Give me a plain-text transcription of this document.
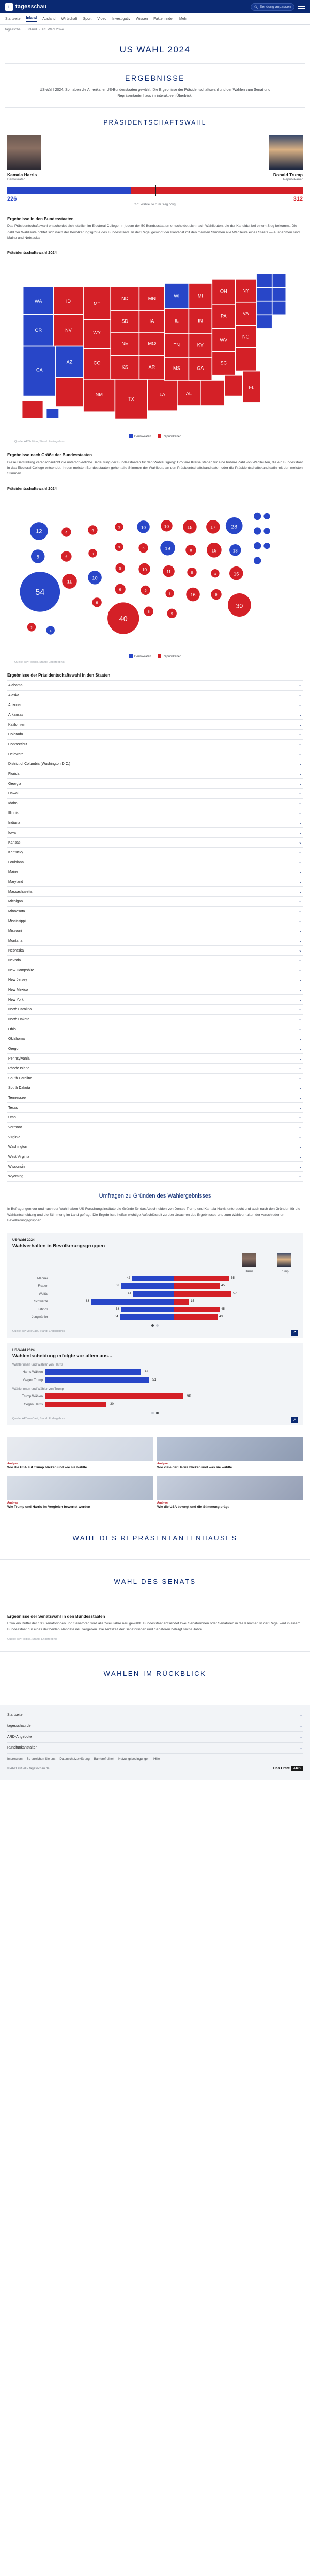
t	tagesschau	Sendung anpassen
Startseite Inland Ausland Wirtschaft Sport Video Investigativ Wissen Faktenfinder Mehr
tagesschau › Inland › US Wahl 2024
US WAHL 2024
ERGEBNISSE

US-Wahl 2024: So haben die Amerikaner US-Bundesstaaten gewählt. Die Ergebnisse der Präsidentschaftswahl und der Wahlen zum Senat und Repräsentantenhaus im interaktiven Überblick.

PRÄSIDENTSCHAFTSWAHL
Kamala Harris
Demokraten
Donald Trump
Republikaner
226	312
270 Wahlleute zum Sieg nötig
Ergebnisse in den Bundesstaaten
Das Präsidentschaftswahl entscheidet sich letztlich im Electoral College: In jedem der 50 Bundesstaaten entscheidet sich nach Wahlleuten, die der Kandidat bei einem Sieg bekommt. Die Zahl der Wahlleute richtet sich nach der Bevölkerungsgröße des Bundesstaats. In der Regel gewinnt der Kandidat mit den meisten Stimmen alle Wahlleute eines Staats — Ausnahmen sind Maine und Nebraska.
Präsidentschaftswahl 2024
WA
OR
CA
ID
NV
AZ
MT
WY
CO
NM
ND
SD
NE
KS
TX
MN
IA
MO
AR
LA
WI
IL
TN
MS
AL
MI
IN
KY
GA
OH
PA
WV
SC
NY
VA
NC
FL
Demokraten	Republikaner
Quelle: AP/Politico, Stand: Endergebnis
Ergebnisse nach Größe der Bundesstaaten
Diese Darstellung veranschaulicht die unterschiedliche Bedeutung der Bundesstaaten für den Wahlausgang: Größere Kreise stehen für eine höhere Zahl von Wahlleuten, die ein Bundesstaat in das Electoral College entsendet. In den meisten Bundesstaaten gehen alle Stimmen der Wahlleute an den Präsidentschaftskandidaten oder die Präsidentschaftskandidatin mit den meisten Stimmen.
Präsidentschaftswahl 2024
12
8
54
4
6
11
4
3
10
5
3
3
5
6
40
10
6
10
6
8
10
19
11
6
9
15
8
8
16
17
19
4
9
28
13
16
30
3
4
Demokraten	Republikaner
Quelle: AP/Politico, Stand: Endergebnis
Ergebnisse der Präsidentschaftswahl in den Staaten
Alabama	⌄
Alaska	⌄
Arizona	⌄
Arkansas	⌄
Kalifornien	⌄
Colorado	⌄
Connecticut	⌄
Delaware	⌄
District of Columbia (Washington D.C.)	⌄
Florida	⌄
Georgia	⌄
Hawaii	⌄
Idaho	⌄
Illinois	⌄
Indiana	⌄
Iowa	⌄
Kansas	⌄
Kentucky	⌄
Louisiana	⌄
Maine	⌄
Maryland	⌄
Massachusetts	⌄
Michigan	⌄
Minnesota	⌄
Mississippi	⌄
Missouri	⌄
Montana	⌄
Nebraska	⌄
Nevada	⌄
New Hampshire	⌄
New Jersey	⌄
New Mexico	⌄
New York	⌄
North Carolina	⌄
North Dakota	⌄
Ohio	⌄
Oklahoma	⌄
Oregon	⌄
Pennsylvania	⌄
Rhode Island	⌄
South Carolina	⌄
South Dakota	⌄
Tennessee	⌄
Texas	⌄
Utah	⌄
Vermont	⌄
Virginia	⌄
Washington	⌄
West Virginia	⌄
Wisconsin	⌄
Wyoming	⌄
Umfragen zu Gründen des Wahlergebnisses

In Befragungen vor und nach der Wahl haben US-Forschungsinstitute die Gründe für das Abschneiden von Donald Trump und Kamala Harris untersucht und auch nach den Gründen für die Wahlentscheidung und die Stimmung im Land gefragt. Die Ergebnisse helfen wichtige Aufschlüsselt zu den Ursachen des Ergebnisses und zum Wahlverhalten der verschiedenen Bevölkerungsgruppen.

US-Wahl 2024
Wahlverhalten in Bevölkerungsgruppen
Harris	Trump
Männer	42	55
Frauen	53	45
Weiße	41	57
Schwarze	83	15
Latinos	53	45
Jungwähler	54	43
Quelle: AP VoteCast, Stand: Endergebnis	↗
US-Wahl 2024
Wahlentscheidung erfolgte vor allem aus...
Wählerinnen und Wähler von Harris
Harris Wählen	47
Gegen Trump	51
Wählerinnen und Wähler von Trump
Trump Wählen	68
Gegen Harris	30
Quelle: AP VoteCast, Stand: Endergebnis	↗
Analyse
Wie die USA auf Trump blicken und wie sie wählte
Analyse
Wie viele der Harris blicken und was sie wählte
Analyse
Wie Trump und Harris im Vergleich bewertet werden
Analyse
Wie die USA bewegt und die Stimmung prägt
WAHL DES REPRÄSENTANTENHAUSES
WAHL DES SENATS
Ergebnisse der Senatswahl in den Bundesstaaten
Etwa ein Drittel der 100 Senatorinnen und Senatoren wird alle zwei Jahre neu gewählt. Bundesstaat entsendet zwei Senatorinnen oder Senatoren in die Kammer. In der Regel wird in einem Bundesstaat nur eines der beiden Mandate neu vergeben. Die Amtszeit der Senatorinnen und Senatoren beträgt sechs Jahre.
Quelle: AP/Politico, Stand: Endergebnis
WAHLEN IM RÜCKBLICK
Startseite	⌄
tagesschau.de	⌄
ARD-Angebote	⌄
Rundfunkanstalten	⌄
Impressum So erreichen Sie uns Datenschutzerklärung Barrierefreiheit Nutzungsbedingungen Hilfe
© ARD aktuell / tagesschau.de	Das Erste	ARD
